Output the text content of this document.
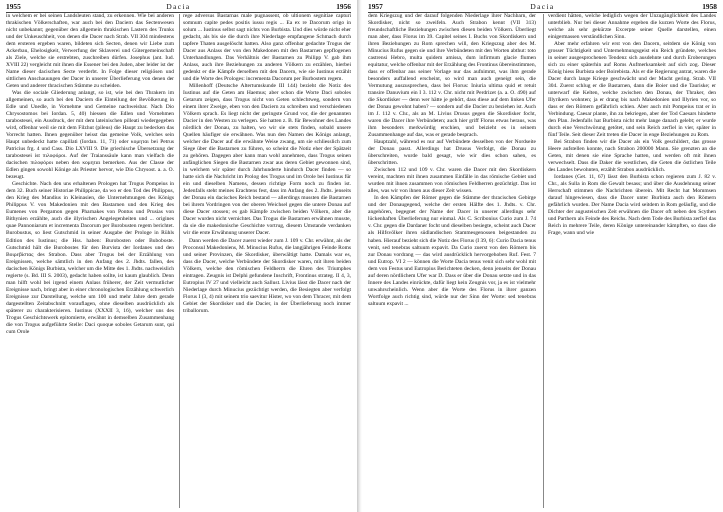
1955	Dacia	1956

in welchem er bei seinen Landsleuten stand, zu erkennen. Wie bei anderen thrakischen Völkerschaften, war auch bei den Daciern das Sectenwesen nicht unbekannt; gegenüber den allgemein thrakischen Lastern des Trunks und der Unkeuschheit, von denen die Dacer nach Strab. VII 304 mindestens dem ersteren ergeben waren, bildeten sich Secten, denen wir Liebe zum Ackerbau, Ehelosigkeit, Verwerfung der Sklaverei und Gütergemeinschaft als Ziele, welche sie erstrebten, zuschreiben dürfen. Josephus (ant. Iud. XVIII 22) vergleicht mit ihnen die Essener bei den Juden, aber leider ist der Name dieser dacischen Secte verderbt. In Folge dieser religiösen und sittlichen Anschauungen der Dacer in unserer Überlieferung von denen der Geten und anderer thracischen Stämme zu scheiden.

Was die sociale Gliederung anlangt, so ist, wie bei den Thrakern im allgemeinen, so auch bei den Daciern die Einteilung der Bevölkerung in Edle und Unedle, in Vornehme und Gemeine nachweisbar. Nach Dio Chrysostomos bei Iordan. 5, 40) hiessen die Edlen und Vornehmen tarabostesei, ein Ausdruck, der mit dem lateinischen pilleati wiedergegeben wird, offenbar weil sie mit dem Filzhut (pileus) die Haupt zu bedecken das Vorrecht hatten. Ihnen gegenüber heisst das gemeine Volk, welches sein Haupt unbedeckt hatte capillati (Iordan. 11, 71) oder κομηται bei Petrus Patricius frg. 4 und Cass. Dio LXVIII 9. Die griechische Übersetzung der tarabostesei ist πιλοφόροι. Auf der Traianssäule kann man vielfach die dacischen πιλοφόροι neben den κομηται bemerken. Aus der Classe der Edlen gingen sowohl Könige als Priester hervor, wie Dio Chrysost. a. a. O. bezeugt.

Geschichte. Nach den uns erhaltenen Prologen hat Trogus Pompeius in dem 32. Buch seiner Historiae Philippicae, da wo er den Tod des Philippus, den Krieg des Mandius in Kleinasien, die Unternehmungen des Königs Philippus V. von Makedonien mit den Bastarnen und den Krieg des Eumenes von Pergamon gegen Pharnakes von Pontus und Prusias von Bithynien erzählte, auch die illyrischen Angelegenheiten und ... origines quae Pannoniarum et incrementa Dacorum per Burobusten regem berichtet. Burobustus, so liest Gutschmid in seiner Ausgabe der Prologe in Rühls Edition des Iustinus; die Hss. haben: Burobosten oder Buboboste. Gutschmid hält die Burobostes für den Burvista der Iordanes und den Βοιρεβίστας des Strabon. Dass aber Trogus bei der Erzählung von Ereignissen, welche sämtlich in den Anfang des 2. Jhdts. fallen, des dacischen Königs Burbista, welcher um die Mitte des 1. Jhdts. nachweislich regierte (s. Bd. III S. 2003), gedacht haben sollte, ist kaum glaublich. Denn man hilft wohl bei irgend einem Anlass früherer, der Zeit vermutlicher Ereignisse nach, bringt aber in einer chronologischen Erzählung schwerlich Ereignisse zur Darstellung, welche um 100 und mehr Jahre dem gerade dargestellten Zeitabschnitt vorauflagen, ohne dieselben ausdrücklich als späterer zu charakterisieren. Iustinus (XXXII 3, 16), welcher uns des Trogus Geschichtswerk epitomierte, erwähnt in demselben Zusammenhang die von Trogus aufgeführte Stelle: Daci quoque soboles Getarum sunt, qui cum Orole

rege adversus Bastarnas male pugnassent, ob ultionem segnitiae capturi somnum capite pedes positis iussu regis ... Ea ex re Dacorum origo in solum ... Iustinus selbst sagt nichts von Burbista. Und dies würde nicht eher gedacht, als bis sie die durch ihre Niederlage empfangene Schmach durch tapfere Thaten ausgelöscht hatten. Also ganz offenbar gedachte Trogus der Dacer aus Anlass der von den Makedonen mit den Bastarnen gepflogenen Unterhandlungen. Das Verhältnis der Bastarnen zu Philipp V. gab ihm Anlass, auch ihre Beziehungen zu anderen Völkern zu erzählen, hierbei gedenkt er die Kämpfe derselben mit den Dacern, wie sie Iustinus erzählt und die Worte des Prologes: incrementa Dacorum per Burbostem regem.

Millenhoff (Deutsche Altertumskunde III 144) bezieht die Notiz des Iustinus auf die Geten am Haemus; aber schon die Worte Daci soboles Getarum zeigen, dass Trogus nicht von Geten schlechtweg, sondern von einem ihrer Zweige, eben von den Daciern zu schreiben und verschiedenen Völkern sprach. Es liegt nicht der geringste Grund vor, die der genannten Dacier in den Westen zu verlegen. Sie hatten z. B. für Bewohner des Landes nördlich der Donau, zu halten, wo wir sie stets finden, sobald unsere Quellen häufiger sie erwähnen. Was nun den Namen des Königs anlangt, welcher die Dacer auf die erwähnte Weise zwang, um sie schliesslich zum Siege über die Bastarnen zu führen, so scheint die Notiz eher der Spätzeit zu gehören. Dagegen aber kann man wohl annehmen, dass Trogus seinen anfänglichen Siegen die Bastarnen zwar aus deren Gebiet gewonnen sind, in welchem wir später durch Jahrhunderte hindurch Dacer finden — so hatte sich die Nachricht im Prolog des Trogus und im Orole bei Iustinus für ein und dieselben Namens, dessen richtige Form noch zu finden ist. Jedenfalls steht meines Erachtens fest, dass im Anfang des 2. Jhdts. jenseits der Donau ein dacisches Reich bestand — allerdings mussten die Bastarnen bei ihrem Vordringen von der oberen Weichsel gegen die untere Donau auf diese Dacer stossen; es gab Kämpfe zwischen beiden Völkern, aber die Dacer wurden nicht vernichtet. Das Trogus die Bastarnen erwähnen musste, da sie die makedonische Geschichte vortrug, diesem Umstande verdanken wir die erste Erwähnung unserer Dacer.

Dann werden die Dacer zuerst wieder zum J. 109 v. Chr. erwähnt, als der Proconsul Makedoniens, M. Minucius Rufus, die langjährigen Feinde Roms und seiner Provinzen, die Skordisker, überwältigt hatte. Damals war es, dass die Dacer, welche Verbündete der Skordisker waren, mit ihren beiden Völkern, welche den römischen Feldherrn die Ehren des Triumphes eintragen. Zeugnis ist Delphi gefundene Inschrift, Frontinus strateg. II 4, 3, Eutropius IV 27 und vielleicht auch Sallust. Livius lässt die Dacer nach der Niederlage durch Minucius gezüchtigt werden, die Besiegten aber verfolgt Florus I (3, 4) mit seinem trio saevitur Hister, wo von dem Thracer, mit dem Gebiet der Skordisker und die Dacier, in der Überlieferung noch immer triballorum.

1957	Dacia	1958

dem Kriegszug und der darauf folgenden Niederlage ihrer Nachbarn, der Skordisker, nicht so zweifeln. Auch Strabon kennt (VII 313) freundschaftliche Beziehungen zwischen diesen beiden Völkern. Überliegt man aber, dass Florus im 39. Capitel seines I. Buchs von Skordiskern und ihren Beziehungen zu Rom sprechen will, den Kriegszug aber des M. Minucius Rufus gegen sie und ihre Verbündeten mit den Worten abthut: toto castrensi Hebro, multa quidem amissa, dum infirmum glacie flumen equitatur, welche offenbar mit der Erzählung des Frontinus übereinstimmen, dass er offenbar aus seiner Vorlage nur das aufnimmt, was ihm gerade besonders auffallend erscheint, so wird man auch geneigt sein, die Vermutung auszusprechen, dass bei Florus: Iniuria ultima quid et retuit transire Danuvium ein I 3. 112 v. Chr. nicht mit Perdrizet (a. a. O. 490) auf die Skordisker — denn wer hätte je gehört, dass diese auf dem linken Ufer der Donau gewohnt haben? — sondern auf die Dacier zu beziehen ist. Auch im J. 112 v. Chr., als an M. Livius Drusus gegen die Skordisker focht, waren die Dacer ihre Verbündeten; auch hier griff Florus etwas heraus, was ihm besonders merkwürdig erschien, und beizieht es in seinem Zusammenhange auf das, was er gerade besprach.

Hauptzahl, während es nur auf Verbündete desselben von der Nordseite der Donau passt. Allerdings hat Drusus Verfolgt, die Donau zu überschreiten, wurde bald gesagt, wie wir dies schon sahen, es überschritten.

Zwischen 112 und 109 v. Chr. waren die Dacer mit den Skordiskern vereint, machten mit ihnen zusammen Einfälle in das römische Gebiet und wurden mit ihnen zusammen von römischen Feldherren gezüchtigt. Das ist alles, was wir von ihnen aus dieser Zeit wissen.

In den Kämpfen der Römer gegen die Stämme der thracischen Gebirge und der Donaugegend, welche der ersten Hälfte des 1. Jhdts. v. Chr. angehören, begegnet der Name der Dacer in unserer allerdings sehr lückenhaften Überlieferung nur einmal. Als C. Scribonius Curio zum J. 74 v. Chr. gegen die Dardaner focht und dieselben besiegte, scheint auch Dacer als Hilfsvölker ihren südlandischen Stammesgenossen beigestanden zu haben. Hierauf bezieht sich die Notiz des Florus (I 39, 6): Curio Dacia tenus venit, sed tenebras saltuum expavit. Da Curio zuerst von den Römern bis zur Donau vordrang — das wird ausdrücklich hervorgehoben Ruf. Fest. 7 und Eutrop. VI 2 — können die Worte Dacia tenus venit sich sehr wohl mit dem von Festus und Eutropius Berichteten decken, denn jenseits der Donau auf deren nördlichem Ufer war D. Dass er über die Donau setzte und in das Innere des Landes einrückte, dafür liegt kein Zeugnis vor, ja es ist vielmehr unwahrscheinlich. Wenn aber die Worte des Florus in ihrer ganzen Wortfolge auch richtig sind, würde nur der Sinn der Worte: sed tenebras saltuum expavit ...

verdient hätten, welche lediglich wegen der Unzugänglichkeit des Landes unterblieb. Nur bei dieser Annahme ergeben die kurzen Worte des Florus, welche als sehr gekürzte Excerpte seiner Quelle darstellen, einen einigermassen verständlichen Sinn.

Aber mehr erfahren wir erst von den Dacern, seitdem sie König von grosser Tüchtigkeit und Unternehmungsgeist ein Reich gründete, welches in seiner ausgesprochenen Tendenz sich ausdehnte und durch Eroberungen sich zu einer späterhin auf Roms Aufmerksamkeit auf sich zog. Dieser König hiess Burbista oder Boirebista. Als er die Regierung antrat, waren die Dacer durch lange Kriege geschwächt und der Macht gering. Strab. VII 304. Zuerst schlug er die Bastarnen, dann die Boier und die Tauriske; er unterwarf die Kelten, welche zwischen den Donau, der Thraker, den Illyrikern wohnten; ja er drang bis nach Makedonien und Illyrien vor, so dass er den Römern gefährlich schien. Aber auch mit Pompeius trat er in Verbindung. Caesar plante, ihn zu bekriegen, aber der Tod Caesars hinderte den Plan. Jedenfalls hat Burbista nicht mehr lange danach gelebt; er wurde durch eine Verschwörung getötet, und sein Reich zerfiel in vier, später in fünf Teile. Seit dieser Zeit treten die Dacer in enge Beziehungen zu Rom.

Bei Strabon finden wir die Dacer als ein Volk geschildert, das grosse Heere aufstellen konnte, nach Strabon 200000 Mann. Sie grenzten an die Geten, mit denen sie eine Sprache hatten, und werden oft mit ihnen verwechselt. Dass die Daker die westlichen, die Geten die östlichen Teile des Landes bewohnten, erzählt Strabon ausdrücklich.

Iordanes (Get. 11, 67) lässt den Burbista schon regieren zum J. 82 v. Chr., als Sulla in Rom die Gewalt besass; und über die Ausdehnung seiner Herrschaft stimmen die Nachrichten überein. Mit Recht hat Mommsen darauf hingewiesen, dass die Dacer unter Burbista auch den Römern gefährlich wurden. Der Name Dacia wird seitdem in Rom geläufig, und die Dichter der augusteischen Zeit erwähnen die Dacer oft neben den Scythen und Parthern als Feinde des Reichs. Nach dem Tode des Burbista zerfiel das Reich in mehrere Teile, deren Könige untereinander kämpften, so dass die Frage, wann und wie
